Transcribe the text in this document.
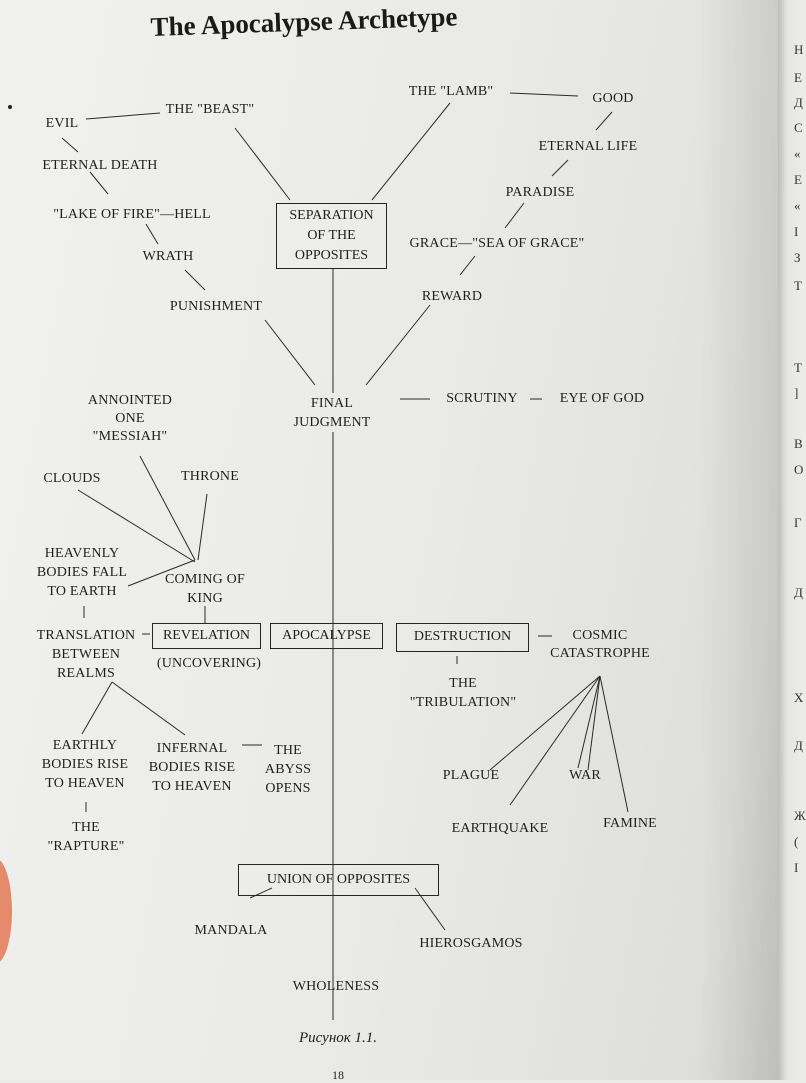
Н
Е
Д
С
«
Е
«
І
З
Т
Т
]
В
О
Г
Д
Х
Д
Ж
(
І
The Apocalypse Archetype
SEPARATION
OF THE
OPPOSITES
REVELATION	APOCALYPSE	DESTRUCTION
UNION OF OPPOSITES
EVIL
THE "BEAST"
THE "LAMB"	GOOD
ETERNAL DEATH
ETERNAL LIFE
PARADISE
"LAKE OF FIRE"—HELL
GRACE—"SEA OF GRACE"
WRATH
REWARD
PUNISHMENT
ANNOINTED
ONE
"MESSIAH"
FINAL
JUDGMENT
SCRUTINY	EYE OF GOD
CLOUDS	THRONE
HEAVENLY
BODIES FALL
TO EARTH
COMING OF
KING
TRANSLATION
BETWEEN
REALMS
(UNCOVERING)
COSMIC
CATASTROPHE
THE
"TRIBULATION"
EARTHLY
BODIES RISE
TO HEAVEN
INFERNAL
BODIES RISE
TO HEAVEN
THE
ABYSS
OPENS
PLAGUE	WAR
THE
"RAPTURE"
EARTHQUAKE	FAMINE
MANDALA
HIEROSGAMOS
WHOLENESS
Рисунок 1.1.
18
